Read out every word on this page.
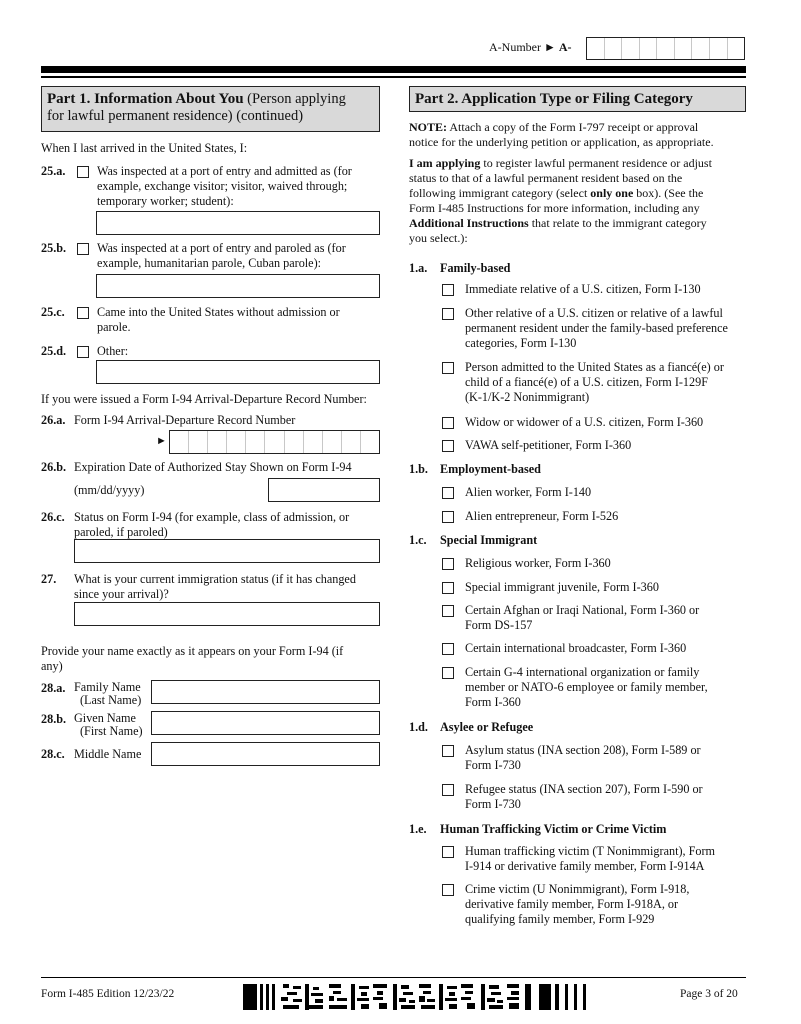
A-Number ► A-
Part 1. Information About You (Person applying
for lawful permanent residence) (continued)
When I last arrived in the United States, I:
25.a.	Was inspected at a port of entry and admitted as (for
example, exchange visitor; visitor, waived through;
temporary worker; student):
25.b.	Was inspected at a port of entry and paroled as (for
example, humanitarian parole, Cuban parole):
25.c.	Came into the United States without admission or
parole.
25.d.	Other:
If you were issued a Form I-94 Arrival-Departure Record Number:
26.a. Form I-94 Arrival-Departure Record Number
►
26.b. Expiration Date of Authorized Stay Shown on Form I-94
(mm/dd/yyyy)
26.c. Status on Form I-94 (for example, class of admission, or
paroled, if paroled)
27. What is your current immigration status (if it has changed
since your arrival)?
Provide your name exactly as it appears on your Form I-94 (if
any)
28.a. Family Name
(Last Name)
28.b. Given Name
(First Name)
28.c. Middle Name
Part 2. Application Type or Filing Category
NOTE: Attach a copy of the Form I-797 receipt or approval
notice for the underlying petition or application, as appropriate.
I am applying to register lawful permanent residence or adjust
status to that of a lawful permanent resident based on the
following immigrant category (select only one box). (See the
Form I-485 Instructions for more information, including any
Additional Instructions that relate to the immigrant category
you select.):
1.a. Family-based
Immediate relative of a U.S. citizen, Form I-130
Other relative of a U.S. citizen or relative of a lawful
permanent resident under the family-based preference
categories, Form I-130
Person admitted to the United States as a fiancé(e) or
child of a fiancé(e) of a U.S. citizen, Form I-129F
(K-1/K-2 Nonimmigrant)
Widow or widower of a U.S. citizen, Form I-360
VAWA self-petitioner, Form I-360
1.b. Employment-based
Alien worker, Form I-140
Alien entrepreneur, Form I-526
1.c. Special Immigrant
Religious worker, Form I-360
Special immigrant juvenile, Form I-360
Certain Afghan or Iraqi National, Form I-360 or
Form DS-157
Certain international broadcaster, Form I-360
Certain G-4 international organization or family
member or NATO-6 employee or family member,
Form I-360
1.d. Asylee or Refugee
Asylum status (INA section 208), Form I-589 or
Form I-730
Refugee status (INA section 207), Form I-590 or
Form I-730
1.e. Human Trafficking Victim or Crime Victim
Human trafficking victim (T Nonimmigrant), Form
I-914 or derivative family member, Form I-914A
Crime victim (U Nonimmigrant), Form I-918,
derivative family member, Form I-918A, or
qualifying family member, Form I-929
Form I-485 Edition 12/23/22	Page 3 of 20
